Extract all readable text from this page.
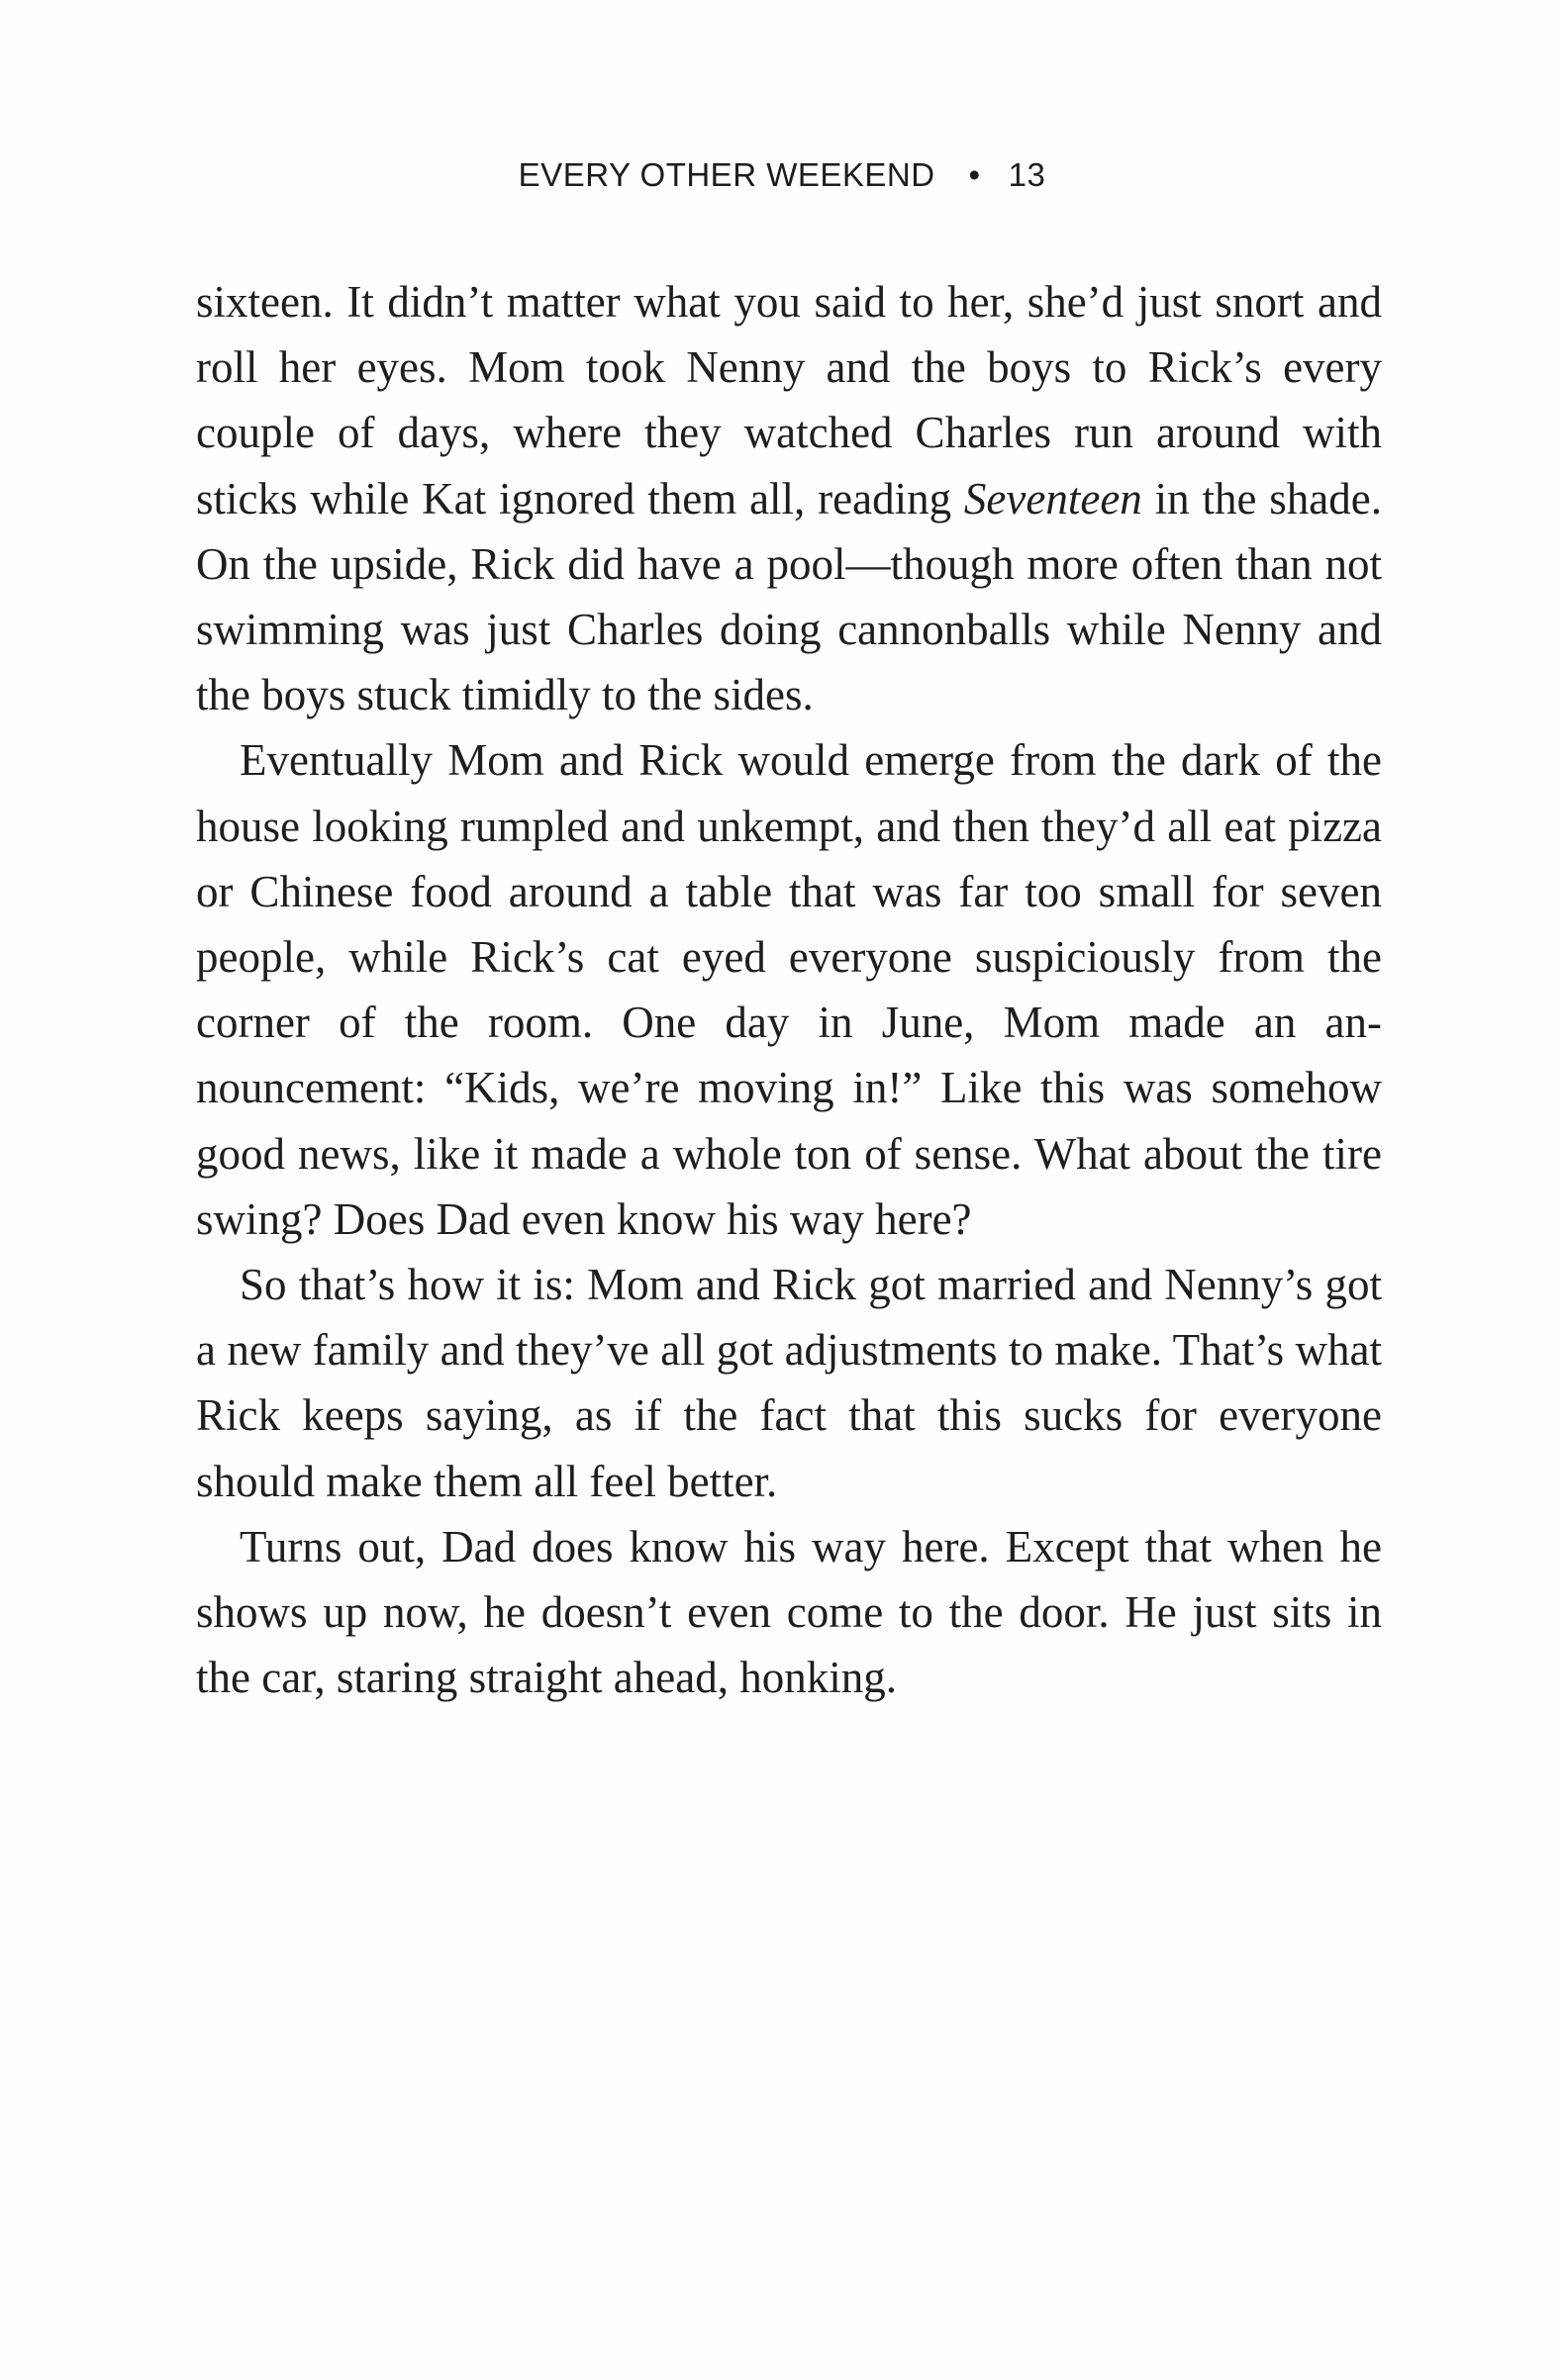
EVERY OTHER WEEKEND • 13

sixteen. It didn’t matter what you said to her, she’d just snort and roll her eyes. Mom took Nenny and the boys to Rick’s every couple of days, where they watched Charles run around with sticks while Kat ignored them all, reading Seventeen in the shade. On the upside, Rick did have a pool—though more often than not swimming was just Charles doing cannonballs while Nenny and the boys stuck timidly to the sides.

Eventually Mom and Rick would emerge from the dark of the house looking rumpled and unkempt, and then they’d all eat pizza or Chinese food around a table that was far too small for seven people, while Rick’s cat eyed everyone suspiciously from the corner of the room. One day in June, Mom made an announcement: “Kids, we’re moving in!” Like this was somehow good news, like it made a whole ton of sense. What about the tire swing? Does Dad even know his way here?

So that’s how it is: Mom and Rick got married and Nenny’s got a new family and they’ve all got adjustments to make. That’s what Rick keeps saying, as if the fact that this sucks for everyone should make them all feel better.

Turns out, Dad does know his way here. Except that when he shows up now, he doesn’t even come to the door. He just sits in the car, staring straight ahead, honking.
